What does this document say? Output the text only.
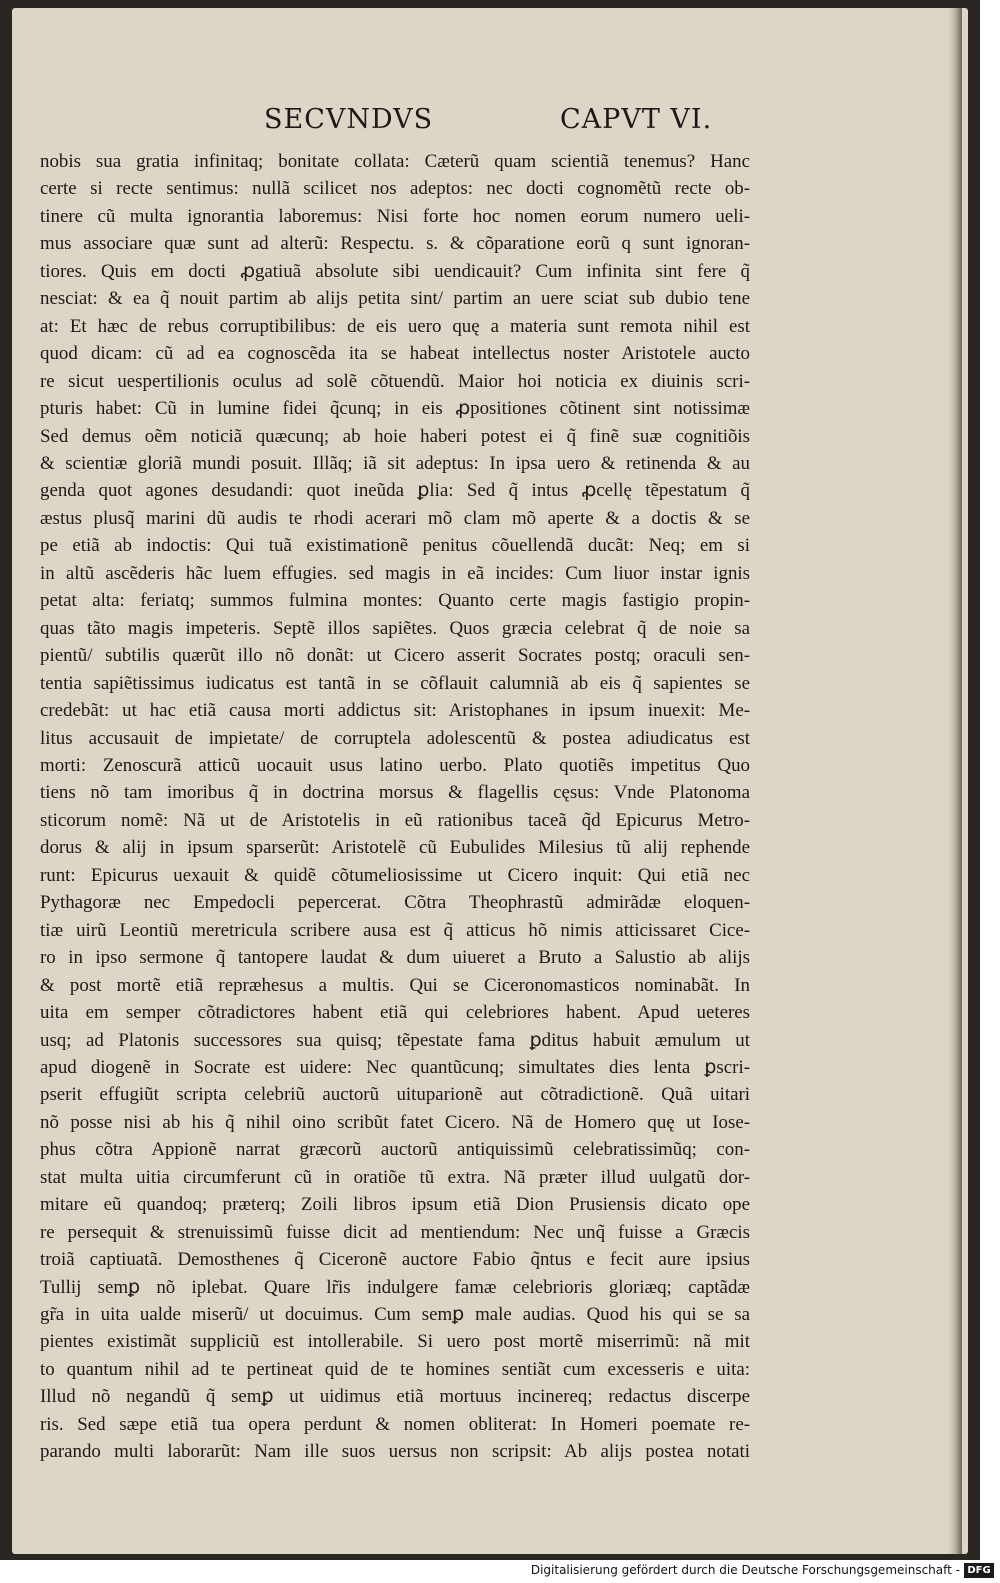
SECVNDVS	CAPVT VI.
nobis sua gratia infinitaq; bonitate collata: Cæterũ quam scientiã tenemus? Hanc
certe si recte sentimus: nullã scilicet nos adeptos: nec docti cognomẽtũ recte ob-
tinere cũ multa ignorantia laboremus: Nisi forte hoc nomen eorum numero ueli-
mus associare quæ sunt ad alterũ: Respectu. s. & cõparatione eorũ q sunt ignoran-
tiores. Quis em docti ꝓgatiuã absolute sibi uendicauit? Cum infinita sint fere q̃
nesciat: & ea q̃ nouit partim ab alijs petita sint/ partim an uere sciat sub dubio tene
at: Et hæc de rebus corruptibilibus: de eis uero quę a materia sunt remota nihil est
quod dicam: cũ ad ea cognoscẽda ita se habeat intellectus noster Aristotele aucto
re sicut uespertilionis oculus ad solẽ cõtuendũ. Maior hoi noticia ex diuinis scri-
pturis habet: Cũ in lumine fidei q̃cunq; in eis ꝓpositiones cõtinent sint notissimæ
Sed demus oẽm noticiã quæcunq; ab hoie haberi potest ei q̃ finẽ suæ cognitiõis
& scientiæ gloriã mundi posuit. Illãq; iã sit adeptus: In ipsa uero & retinenda & au
genda quot agones desudandi: quot ineũda ꝑlia: Sed q̃ intus ꝓcellę tẽpestatum q̃
æstus plusq̃ marini dũ audis te rhodi acerari mõ clam mõ aperte & a doctis & se
pe etiã ab indoctis: Qui tuã existimationẽ penitus cõuellendã ducãt: Neq; em si
in altũ ascẽderis hãc luem effugies. sed magis in eã incides: Cum liuor instar ignis
petat alta: feriatq; summos fulmina montes: Quanto certe magis fastigio propin-
quas tãto magis impeteris. Septẽ illos sapiẽtes. Quos græcia celebrat q̃ de noie sa
pientũ/ subtilis quærũt illo nõ donãt: ut Cicero asserit Socrates postq; oraculi sen-
tentia sapiẽtissimus iudicatus est tantã in se cõflauit calumniã ab eis q̃ sapientes se
credebãt: ut hac etiã causa morti addictus sit: Aristophanes in ipsum inuexit: Me-
litus accusauit de impietate/ de corruptela adolescentũ & postea adiudicatus est
morti: Zenoscurã atticũ uocauit usus latino uerbo. Plato quotiẽs impetitus Quo
tiens nõ tam imoribus q̃ in doctrina morsus & flagellis cęsus: Vnde Platonoma
sticorum nomẽ: Nã ut de Aristotelis in eũ rationibus taceã q̃d Epicurus Metro-
dorus & alij in ipsum sparserũt: Aristotelẽ cũ Eubulides Milesius tũ alij rephende
runt: Epicurus uexauit & quidẽ cõtumeliosissime ut Cicero inquit: Qui etiã nec
Pythagoræ nec Empedocli pepercerat. Cõtra Theophrastũ admirãdæ eloquen-
tiæ uirũ Leontiũ meretricula scribere ausa est q̃ atticus hõ nimis atticissaret Cice-
ro in ipso sermone q̃ tantopere laudat & dum uiueret a Bruto a Salustio ab alijs
& post mortẽ etiã repræhesus a multis. Qui se Ciceronomasticos nominabãt. In
uita em semper cõtradictores habent etiã qui celebriores habent. Apud ueteres
usq; ad Platonis successores sua quisq; tẽpestate fama ꝑditus habuit æmulum ut
apud diogenẽ in Socrate est uidere: Nec quantũcunq; simultates dies lenta ꝑscri-
pserit effugiũt scripta celebriũ auctorũ uituparionẽ aut cõtradictionẽ. Quã uitari
nõ posse nisi ab his q̃ nihil oino scribũt fatet Cicero. Nã de Homero quę ut Iose-
phus cõtra Appionẽ narrat græcorũ auctorũ antiquissimũ celebratissimũq; con-
stat multa uitia circumferunt cũ in oratiõe tũ extra. Nã præter illud uulgatũ dor-
mitare eũ quandoq; præterq; Zoili libros ipsum etiã Dion Prusiensis dicato ope
re persequit & strenuissimũ fuisse dicit ad mentiendum: Nec unq̃ fuisse a Græcis
troiã captiuatã. Demosthenes q̃ Ciceronẽ auctore Fabio q̃ntus e fecit aure ipsius
Tullij semꝑ nõ iplebat. Quare lr̃is indulgere famæ celebrioris gloriæq; captãdæ
gr̃a in uita ualde miserũ/ ut docuimus. Cum semꝑ male audias. Quod his qui se sa
pientes existimãt suppliciũ est intollerabile. Si uero post mortẽ miserrimũ: nã mit
to quantum nihil ad te pertineat quid de te homines sentiãt cum excesseris e uita:
Illud nõ negandũ q̃ semꝑ ut uidimus etiã mortuus incinereq; redactus discerpe
ris. Sed sæpe etiã tua opera perdunt & nomen obliterat: In Homeri poemate re-
parando multi laborarũt: Nam ille suos uersus non scripsit: Ab alijs postea notati
Digitalisierung gefördert durch die Deutsche Forschungsgemeinschaft - DFG
